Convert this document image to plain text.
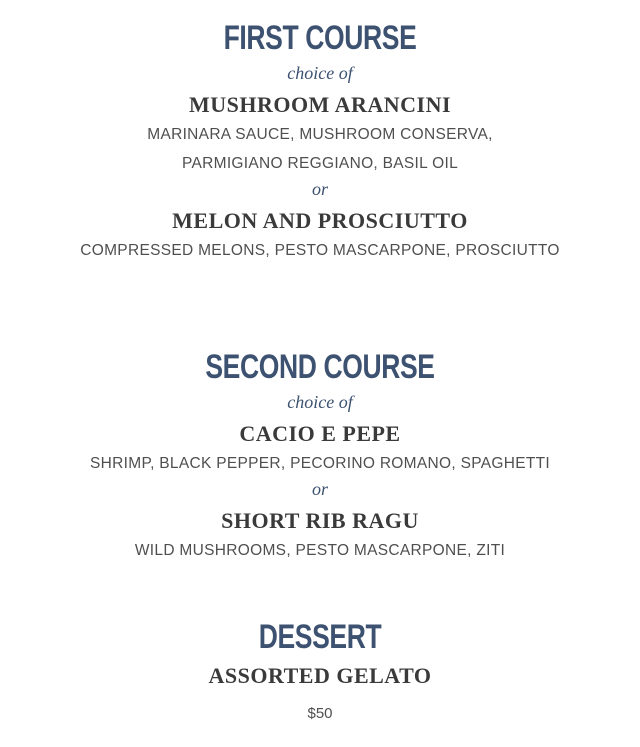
FIRST COURSE

choice of

MUSHROOM ARANCINI

MARINARA SAUCE, MUSHROOM CONSERVA,

PARMIGIANO REGGIANO, BASIL OIL

or

MELON AND PROSCIUTTO

COMPRESSED MELONS, PESTO MASCARPONE, PROSCIUTTO

SECOND COURSE

choice of

CACIO E PEPE

SHRIMP, BLACK PEPPER, PECORINO ROMANO, SPAGHETTI

or

SHORT RIB RAGU

WILD MUSHROOMS, PESTO MASCARPONE, ZITI

DESSERT

ASSORTED GELATO

$50
